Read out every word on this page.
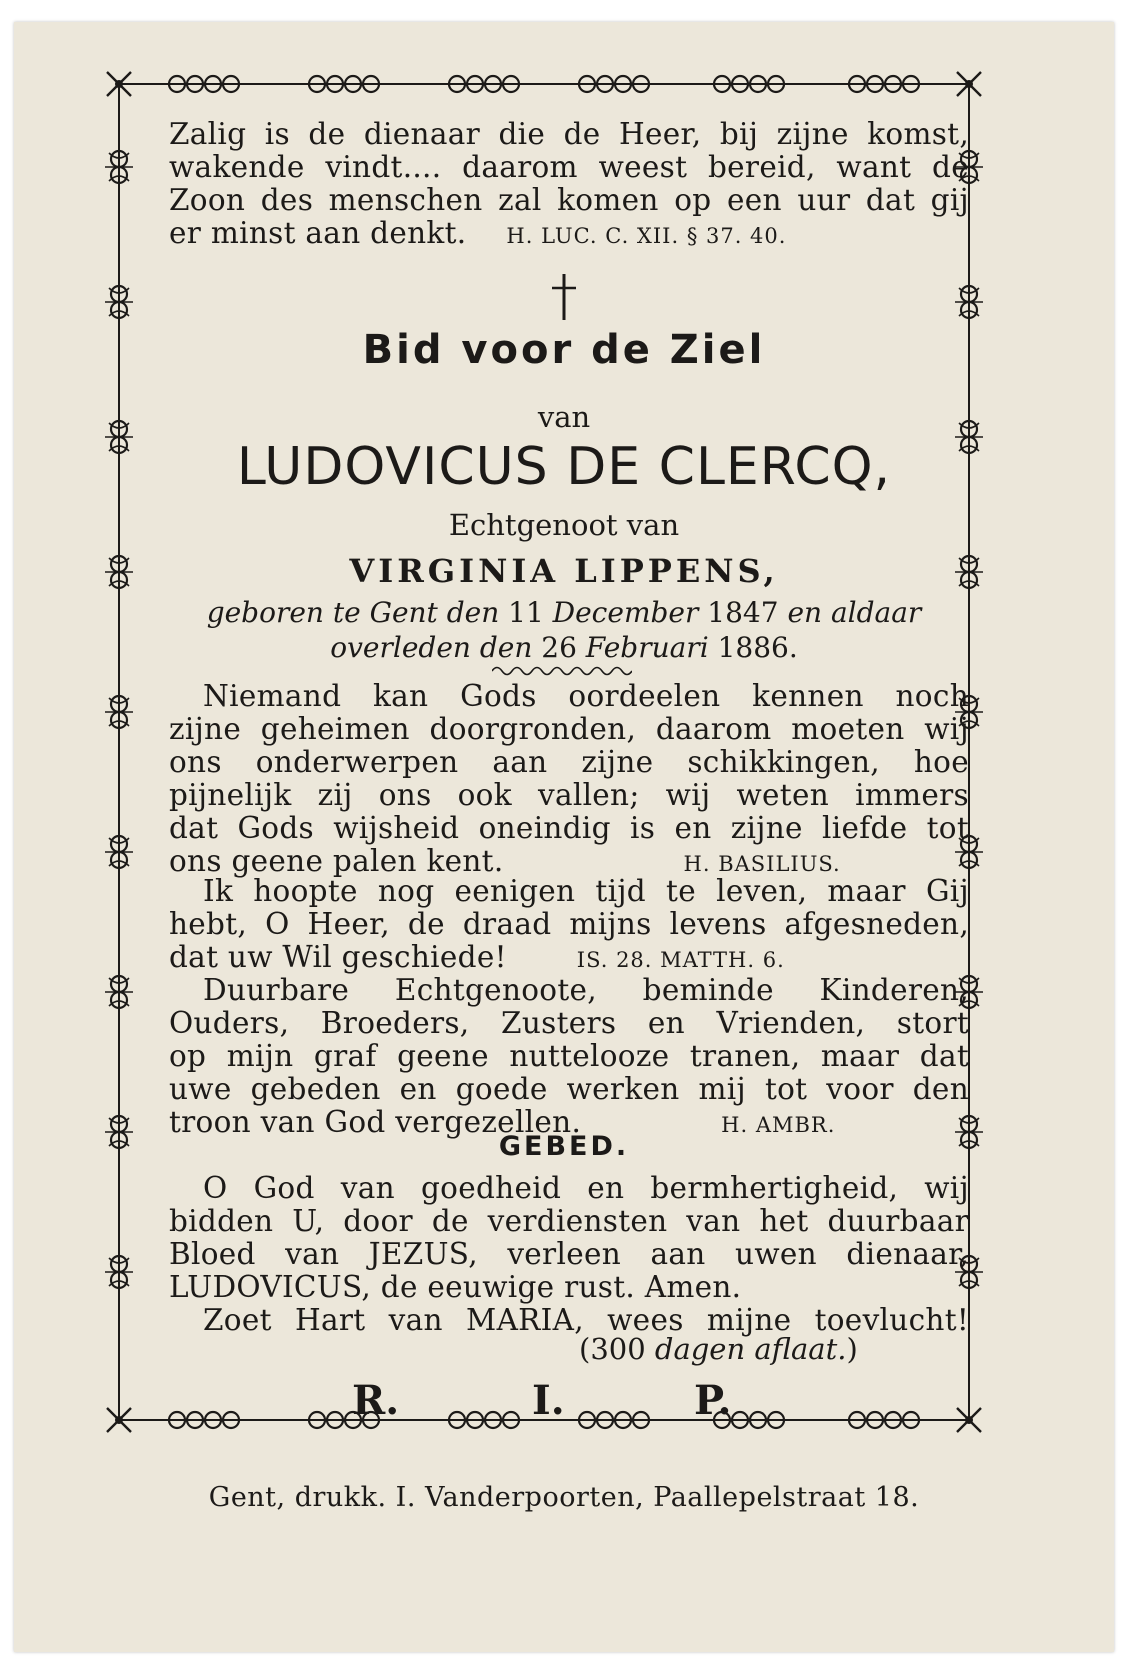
Zalig is de dienaar die de Heer, bij zijne komst,
wakende vindt.... daarom weest bereid, want de
Zoon des menschen zal komen op een uur dat gij
er minst aan denkt. H. LUC. C. XII. § 37. 40.
Bid voor de Ziel
van
LUDOVICUS DE CLERCQ,
Echtgenoot van
VIRGINIA LIPPENS,
geboren te Gent den 11 December 1847 en aldaar
overleden den 26 Februari 1886.
Niemand kan Gods oordeelen kennen noch
zijne geheimen doorgronden, daarom moeten wij
ons onderwerpen aan zijne schikkingen, hoe
pijnelijk zij ons ook vallen; wij weten immers
dat Gods wijsheid oneindig is en zijne liefde tot
ons geene palen kent.	H. BASILIUS.
Ik hoopte nog eenigen tijd te leven, maar Gij
hebt, O Heer, de draad mijns levens afgesneden,
dat uw Wil geschiede!	IS. 28. MATTH. 6.
Duurbare Echtgenoote, beminde Kinderen,
Ouders, Broeders, Zusters en Vrienden, stort
op mijn graf geene nuttelooze tranen, maar dat
uwe gebeden en goede werken mij tot voor den
troon van God vergezellen.	H. AMBR.
GEBED.
O God van goedheid en bermhertigheid, wij
bidden U, door de verdiensten van het duurbaar
Bloed van JEZUS, verleen aan uwen dienaar,
LUDOVICUS, de eeuwige rust. Amen.
Zoet Hart van MARIA, wees mijne toevlucht!
(300 dagen aflaat.)
R.	I.	P.
Gent, drukk. I. Vanderpoorten, Paallepelstraat 18.
